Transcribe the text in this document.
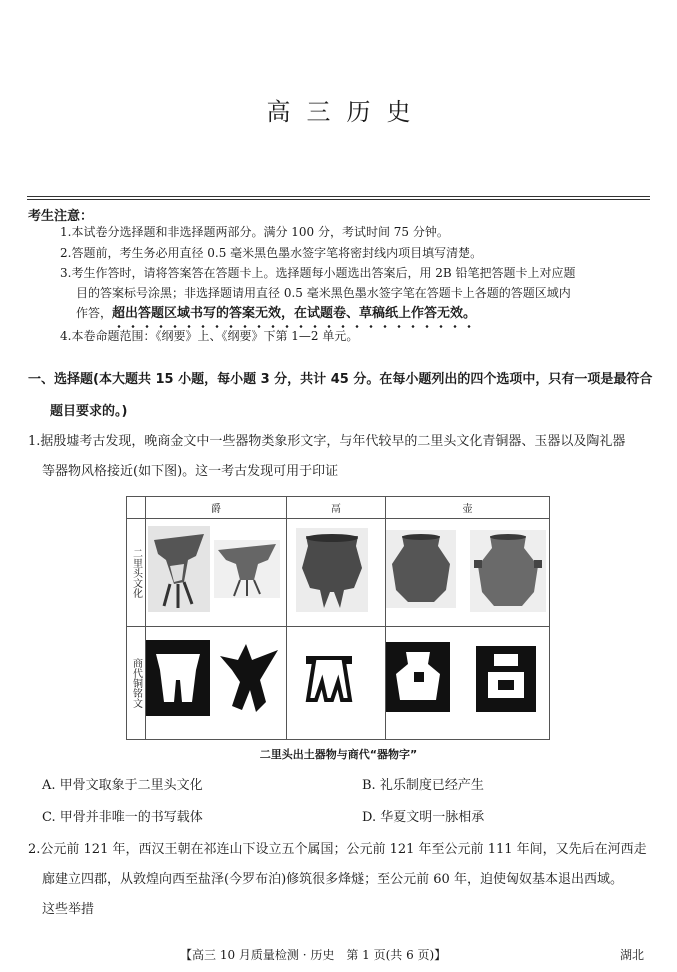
高三历史
考生注意：
1.本试卷分选择题和非选择题两部分。满分 100 分，考试时间 75 分钟。
2.答题前，考生务必用直径 0.5 毫米黑色墨水签字笔将密封线内项目填写清楚。
3.考生作答时，请将答案答在答题卡上。选择题每小题选出答案后，用 2B 铅笔把答题卡上对应题
目的答案标号涂黑；非选择题请用直径 0.5 毫米黑色墨水签字笔在答题卡上各题的答题区域内
作答，超出答题区域书写的答案无效，在试题卷、草稿纸上作答无效。
4.本卷命题范围：《纲要》上、《纲要》下第 1—2 单元。
一、选择题(本大题共 15 小题，每小题 3 分，共计 45 分。在每小题列出的四个选项中，只有一项是最符合
题目要求的。)
1.据殷墟考古发现，晚商金文中一些器物类象形文字，与年代较早的二里头文化青铜器、玉器以及陶礼器
等器物风格接近(如下图)。这一考古发现可用于印证
	爵	鬲	壶
二里头文化			
商代铜铭文			
二里头出土器物与商代“器物字”
A. 甲骨文取象于二里头文化	B. 礼乐制度已经产生
C. 甲骨并非唯一的书写载体	D. 华夏文明一脉相承
2.公元前 121 年，西汉王朝在祁连山下设立五个属国；公元前 121 年至公元前 111 年间，又先后在河西走
廊建立四郡，从敦煌向西至盐泽(今罗布泊)修筑很多烽燧；至公元前 60 年，迫使匈奴基本退出西域。
这些举措
【高三 10 月质量检测 · 历史　第 1 页(共 6 页)】	湖北
